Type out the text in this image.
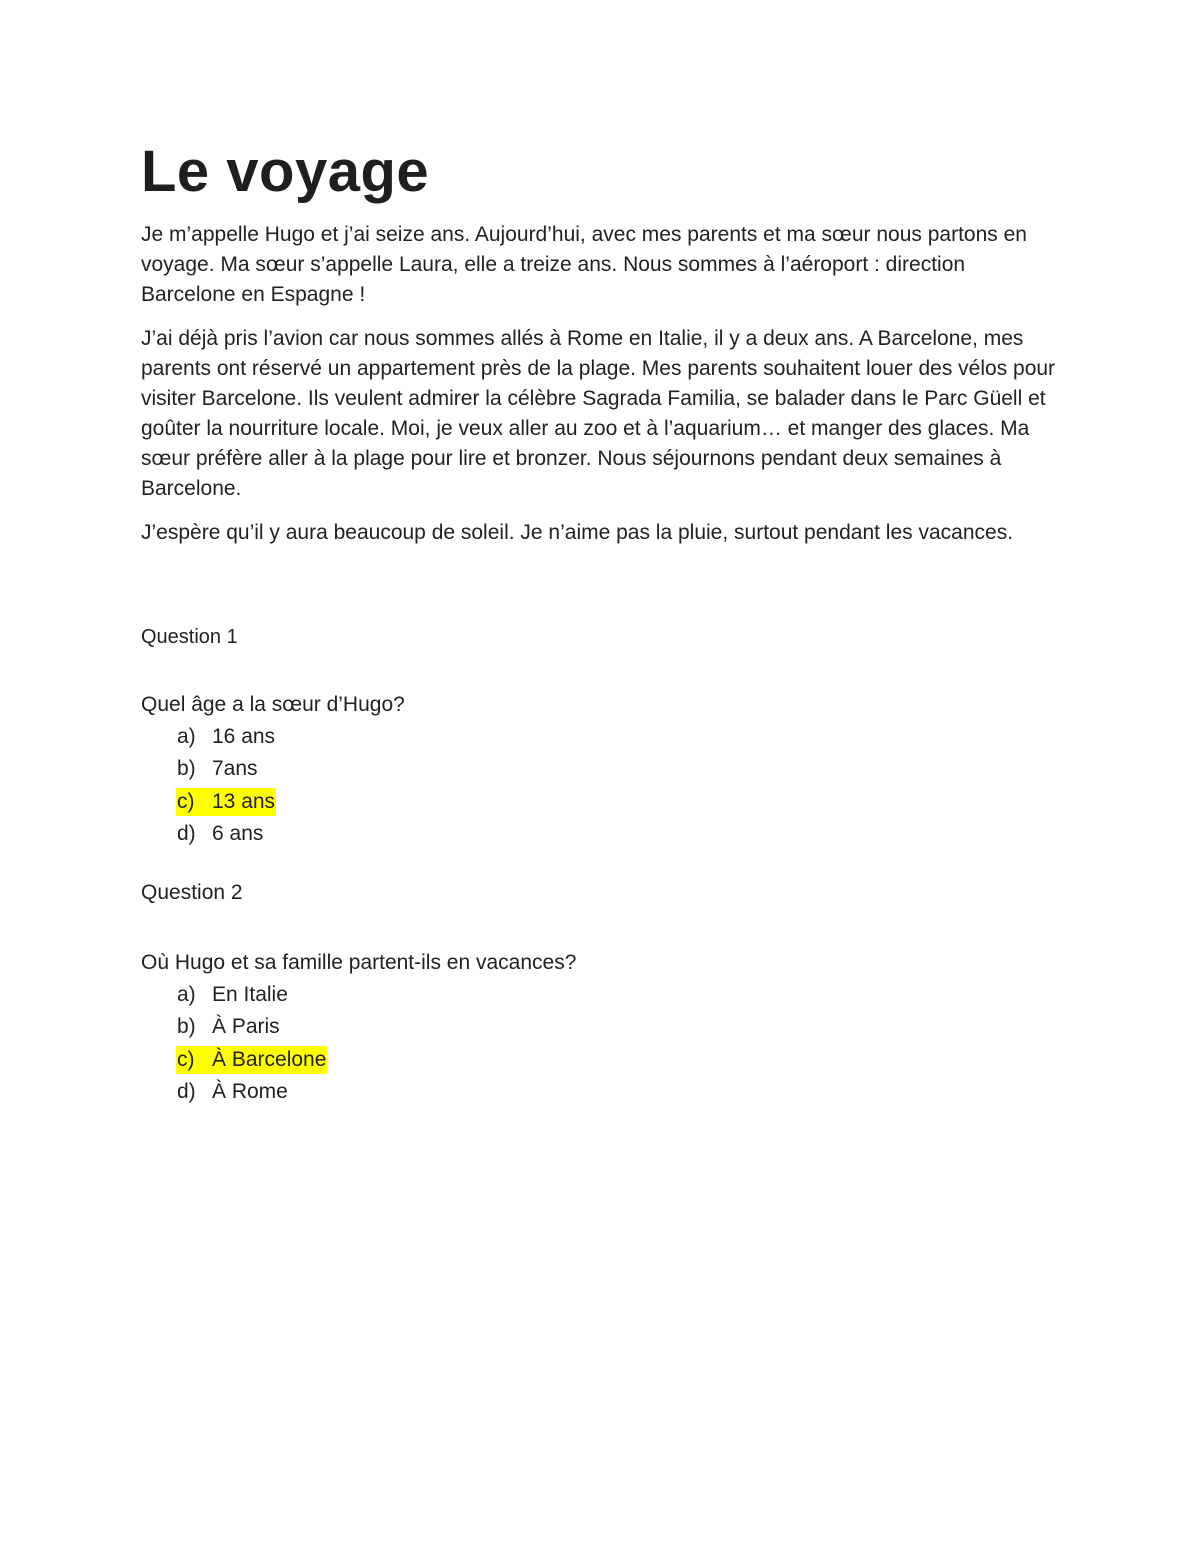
Le voyage

Je m’appelle Hugo et j’ai seize ans. Aujourd’hui, avec mes parents et ma sœur nous partons en voyage. Ma sœur s’appelle Laura, elle a treize ans. Nous sommes à l’aéroport : direction Barcelone en Espagne !

J’ai déjà pris l’avion car nous sommes allés à Rome en Italie, il y a deux ans. A Barcelone, mes parents ont réservé un appartement près de la plage. Mes parents souhaitent louer des vélos pour visiter Barcelone. Ils veulent admirer la célèbre Sagrada Familia, se balader dans le Parc Güell et goûter la nourriture locale. Moi, je veux aller au zoo et à l’aquarium… et manger des glaces. Ma sœur préfère aller à la plage pour lire et bronzer. Nous séjournons pendant deux semaines à Barcelone.

J’espère qu’il y aura beaucoup de soleil. Je n’aime pas la pluie, surtout pendant les vacances.

Question 1

Quel âge a la sœur d’Hugo?

a) 16 ans
b) 7ans
c) 13 ans
d) 6 ans
Question 2

Où Hugo et sa famille partent-ils en vacances?

a) En Italie
b) À Paris
c) À Barcelone
d) À Rome
